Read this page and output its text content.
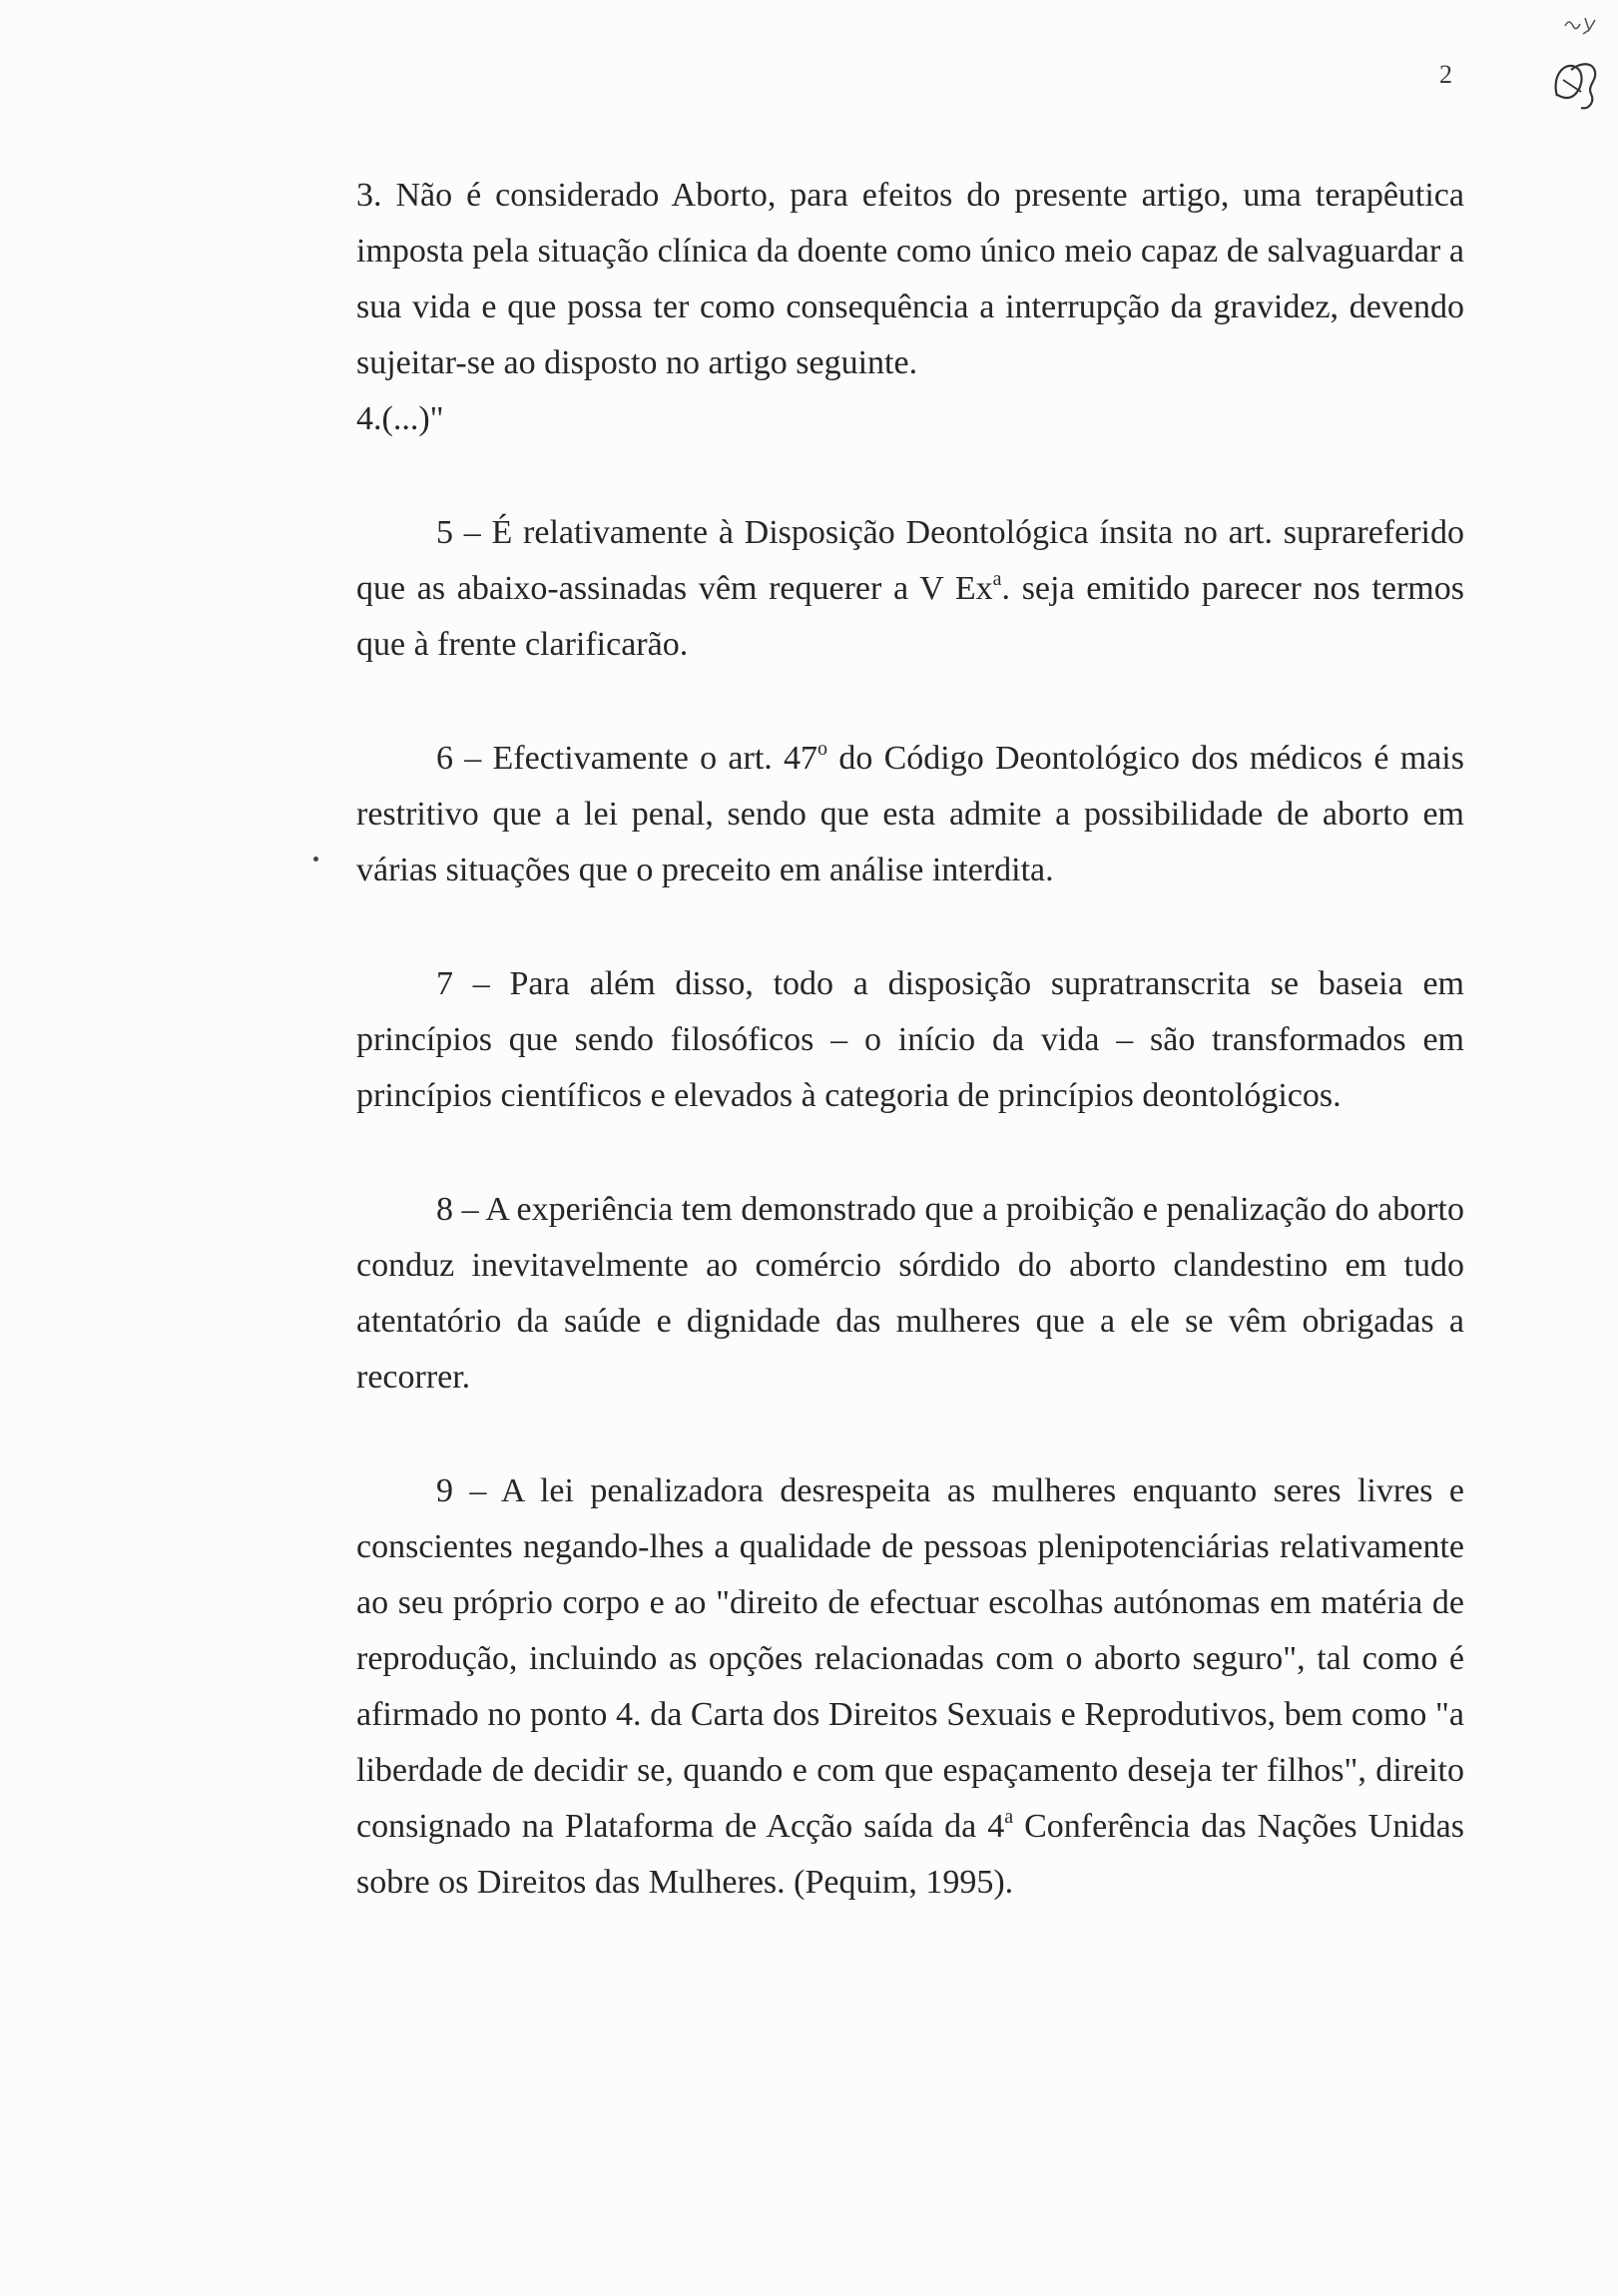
2

3. Não é considerado Aborto, para efeitos do presente artigo, uma terapêutica imposta pela situação clínica da doente como único meio capaz de salvaguardar a sua vida e que possa ter como consequência a interrupção da gravidez, devendo sujeitar-se ao disposto no artigo seguinte.

4.(...)"

5 – É relativamente à Disposição Deontológica ínsita no art. suprareferido que as abaixo-assinadas vêm requerer a V Ex$^a$. seja emitido parecer nos termos que à frente clarificarão.

6 – Efectivamente o art. 47$^o$ do Código Deontológico dos médicos é mais restritivo que a lei penal, sendo que esta admite a possibilidade de aborto em várias situações que o preceito em análise interdita.

7 – Para além disso, todo a disposição supratranscrita se baseia em princípios que sendo filosóficos – o início da vida – são transformados em princípios científicos e elevados à categoria de princípios deontológicos.

8 – A experiência tem demonstrado que a proibição e penalização do aborto conduz inevitavelmente ao comércio sórdido do aborto clandestino em tudo atentatório da saúde e dignidade das mulheres que a ele se vêm obrigadas a recorrer.

9 – A lei penalizadora desrespeita as mulheres enquanto seres livres e conscientes negando-lhes a qualidade de pessoas plenipotenciárias relativamente ao seu próprio corpo e ao "direito de efectuar escolhas autónomas em matéria de reprodução, incluindo as opções relacionadas com o aborto seguro", tal como é afirmado no ponto 4. da Carta dos Direitos Sexuais e Reprodutivos, bem como "a liberdade de decidir se, quando e com que espaçamento deseja ter filhos", direito consignado na Plataforma de Acção saída da 4$^a$ Conferência das Nações Unidas sobre os Direitos das Mulheres. (Pequim, 1995).
